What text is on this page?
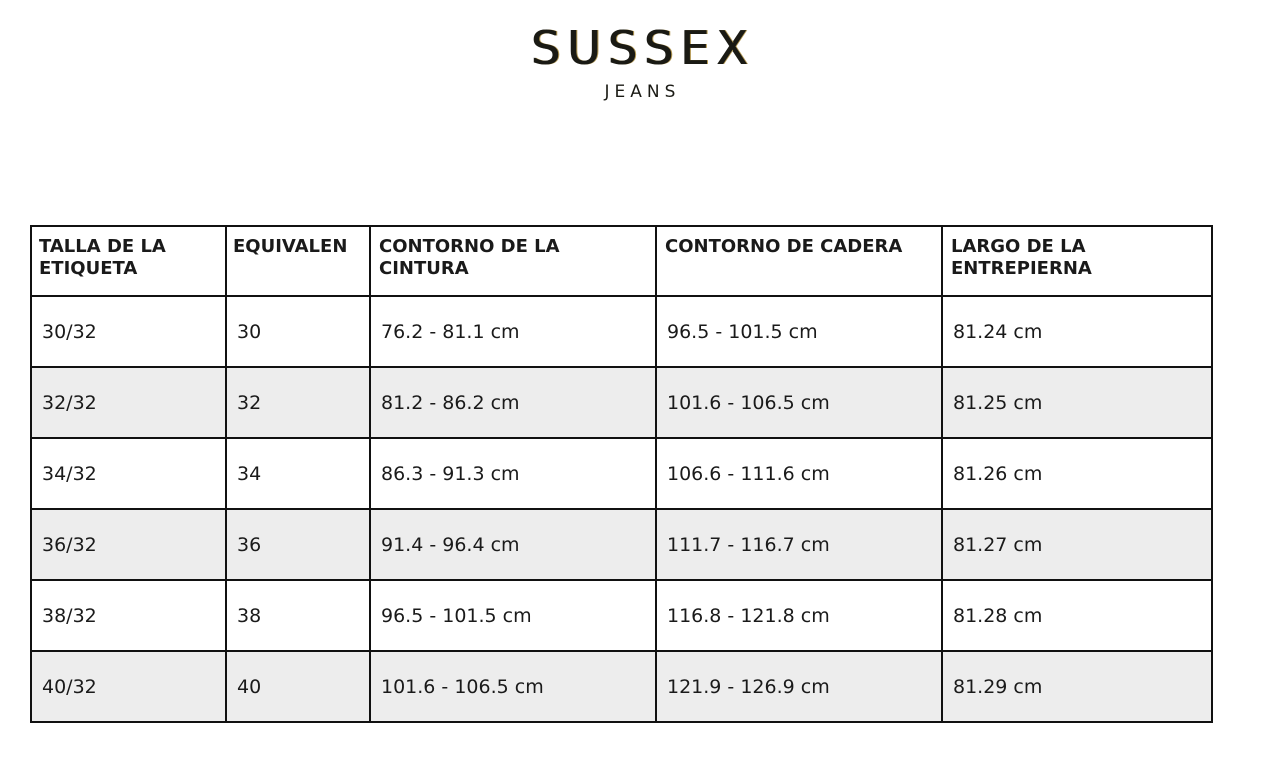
SUSSEX
JEANS
TALLA DE LA ETIQUETA	EQUIVALEN	CONTORNO DE LA CINTURA	CONTORNO DE CADERA	LARGO DE LA ENTREPIERNA
30/32	30	76.2 - 81.1 cm	96.5 - 101.5 cm	81.24 cm
32/32	32	81.2 - 86.2 cm	101.6 - 106.5 cm	81.25 cm
34/32	34	86.3 - 91.3 cm	106.6 - 111.6 cm	81.26 cm
36/32	36	91.4 - 96.4 cm	111.7 - 116.7 cm	81.27 cm
38/32	38	96.5 - 101.5 cm	116.8 - 121.8 cm	81.28 cm
40/32	40	101.6 - 106.5 cm	121.9 - 126.9 cm	81.29 cm
